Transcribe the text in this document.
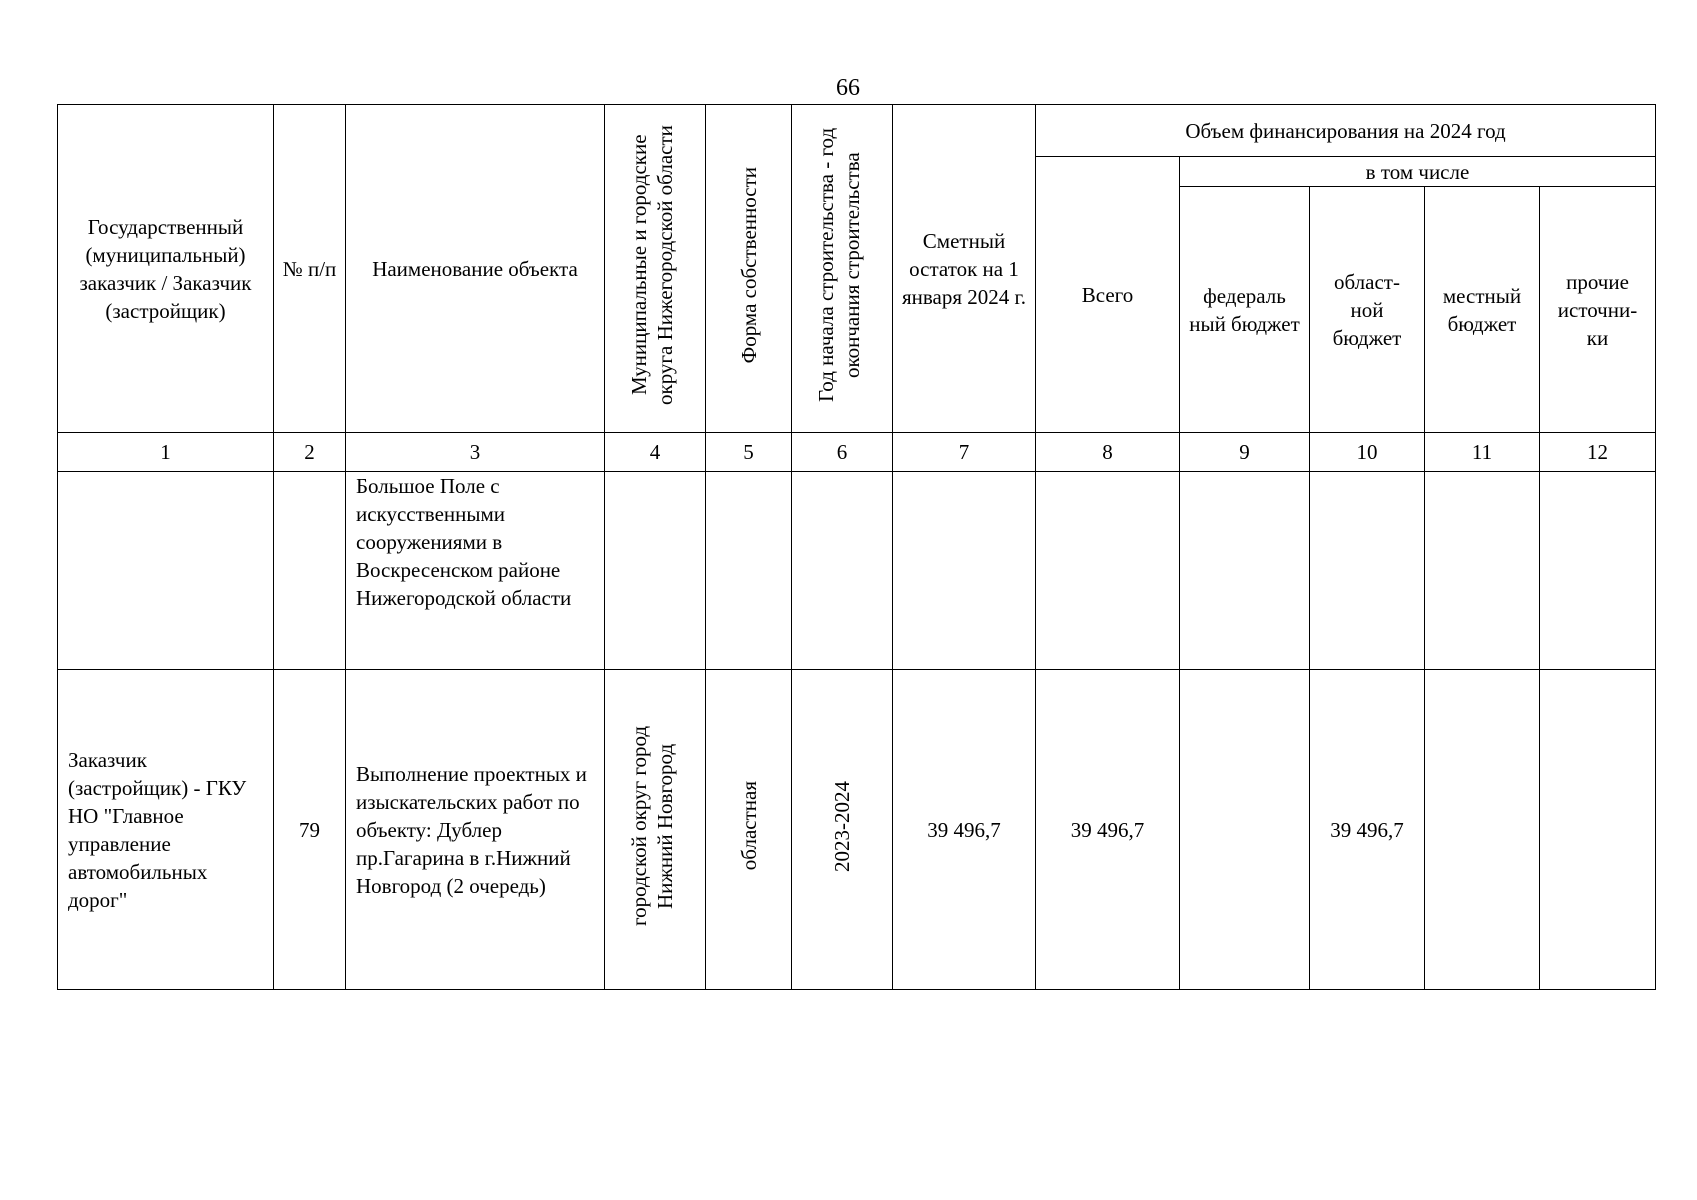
66
Государственный (муниципальный) заказчик / Заказчик (застройщик)	№ п/п	Наименование объекта	Муниципальные и городские округа Нижегородской области	Форма собственности	Год начала строительства - год окончания строительства	Сметный остаток на 1 января 2024 г.	Объем финансирования на 2024 год				
							Всего	в том числе			
								федераль ный бюджет	област- ной бюджет	местный бюджет	прочие источни- ки
1	2	3	4	5	6	7	8	9	10	11	12
		Большое Поле с искусственными сооружениями в Воскресенском районе Нижегородской области									
Заказчик (застройщик) - ГКУ НО "Главное управление автомобильных дорог"	79	Выполнение проектных и изыскательских работ по объекту: Дублер пр.Гагарина в г.Нижний Новгород (2 очередь)	городской округ город Нижний Новгород	областная	2023-2024	39 496,7	39 496,7		39 496,7		
